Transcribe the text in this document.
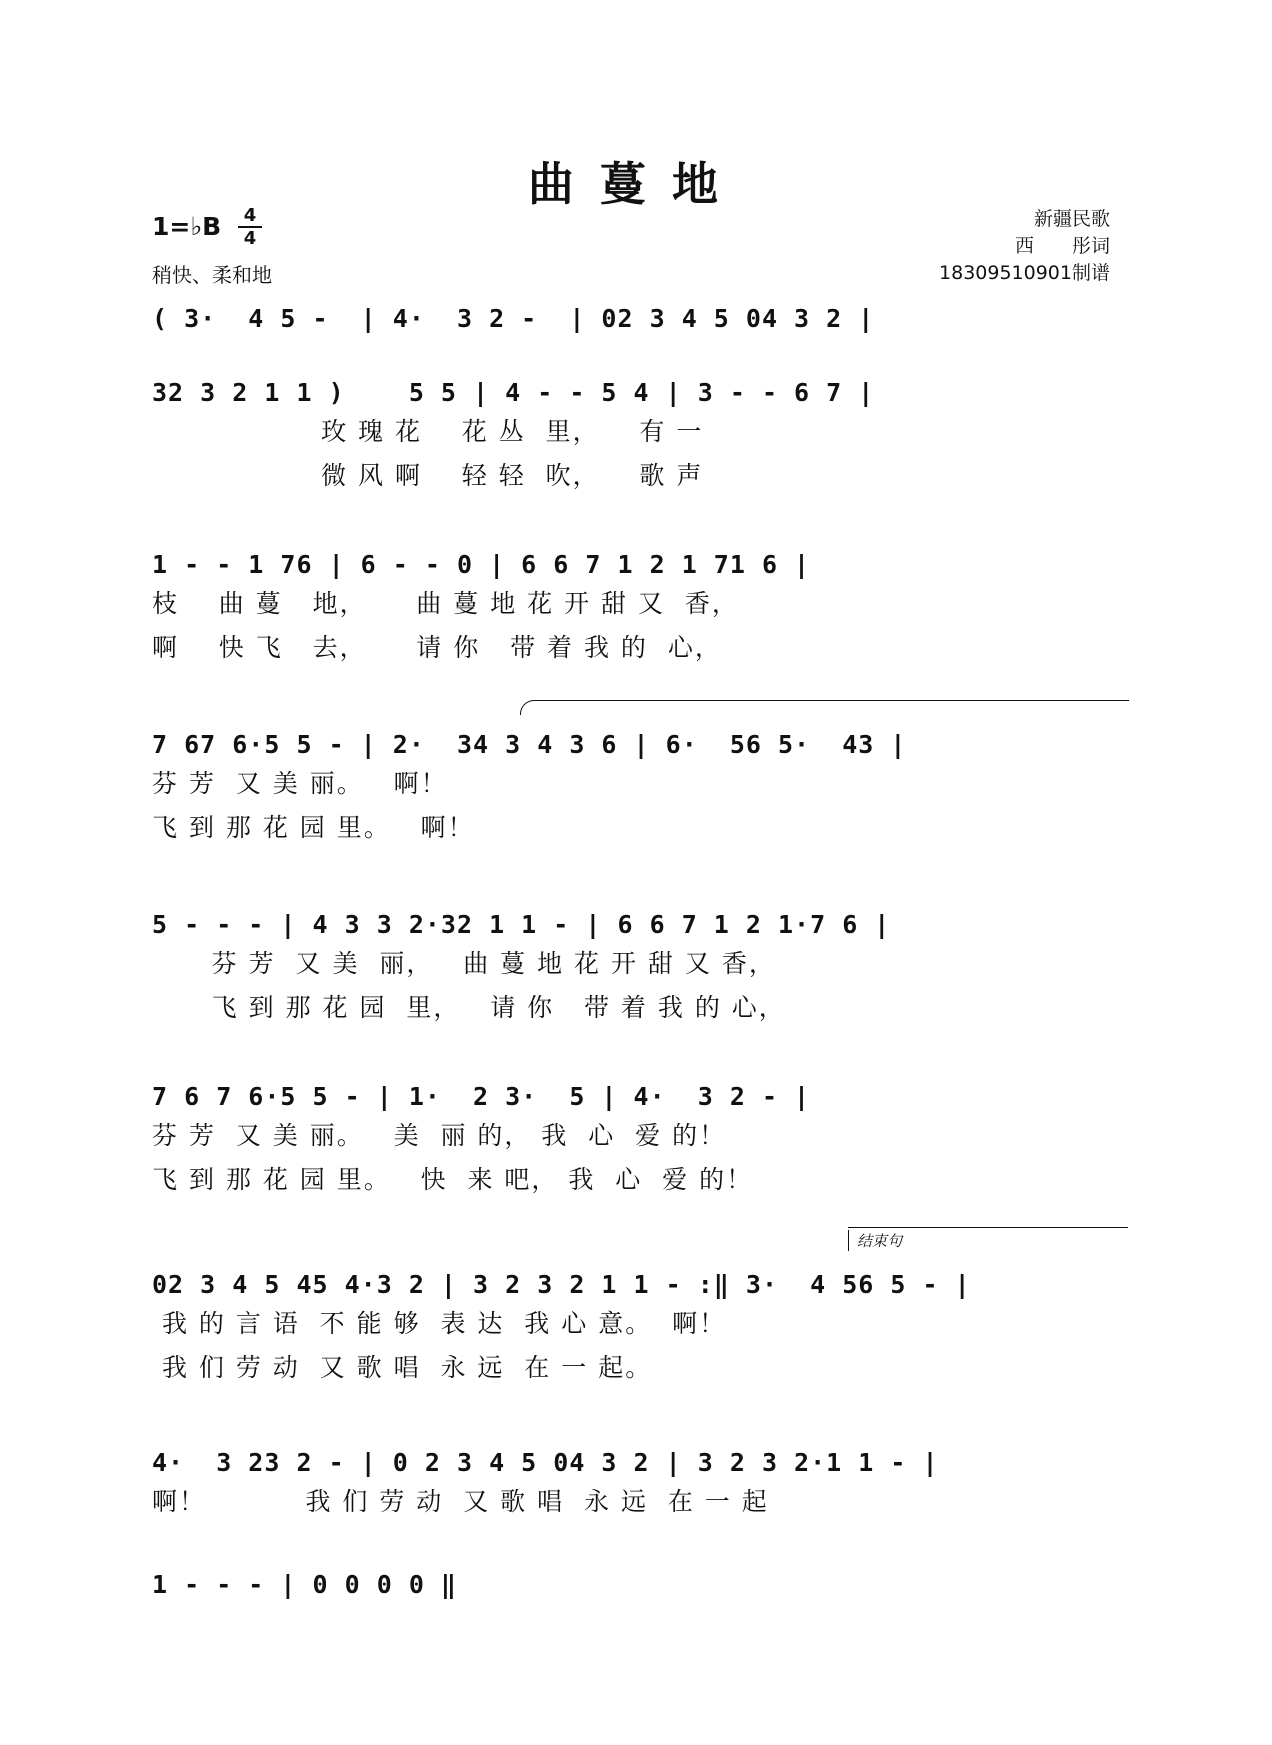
曲蔓地
1=♭B	4
4
稍快、柔和地
新疆民歌
西　　彤词
18309510901制谱
结束句
( 3·  4 5 -  | 4·  3 2 -  | 02 3 4 5 04 3 2 |
32 3 2 1 1 )    5 5 | 4 - - 5 4 | 3 - - 6 7 |
玫 瑰 花    花 丛  里，    有 一
微 风 啊    轻 轻  吹，    歌 声
1 - - 1 76 | 6 - - 0 | 6 6 7 1 2 1 71 6 |
枝    曲 蔓   地，     曲 蔓 地 花 开 甜 又  香，
啊    快 飞   去，     请 你   带 着 我 的  心，
7 67 6·5 5 - | 2·  34 3 4 3 6 | 6·  56 5·  43 |
芬 芳  又 美 丽。   啊！
飞 到 那 花 园 里。   啊！
5 - - - | 4 3 3 2·32 1 1 - | 6 6 7 1 2 1·7 6 |
芬 芳  又 美  丽，   曲 蔓 地 花 开 甜 又 香，
飞 到 那 花 园  里，   请 你   带 着 我 的 心，
7 6 7 6·5 5 - | 1·  2 3·  5 | 4·  3 2 - |
芬 芳  又 美 丽。   美  丽 的， 我  心  爱 的！
飞 到 那 花 园 里。   快  来 吧， 我  心  爱 的！
02 3 4 5 45 4·3 2 | 3 2 3 2 1 1 - :‖ 3·  4 56 5 - |
我 的 言 语  不 能 够  表 达  我 心 意。  啊！
我 们 劳 动  又 歌 唱  永 远  在 一 起。
4·  3 23 2 - | 0 2 3 4 5 04 3 2 | 3 2 3 2·1 1 - |
啊！          我 们 劳 动  又 歌 唱  永 远  在 一 起
1 - - - | 0 0 0 0 ‖
